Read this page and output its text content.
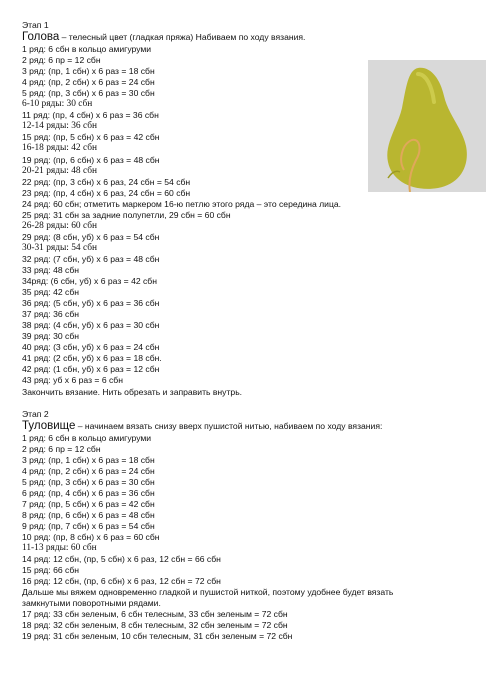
Этап 1
Голова – телесный цвет (гладкая пряжа) Набиваем по ходу вязания.
1 ряд: 6 сбн в кольцо амигуруми
2 ряд: 6 пр = 12 сбн
3 ряд: (пр, 1 сбн) х 6 раз = 18 сбн
4 ряд: (пр, 2 сбн) х 6 раз = 24 сбн
5 ряд: (пр, 3 сбн) х 6 раз = 30 сбн
6-10 ряды: 30 сбн
11 ряд: (пр, 4 сбн) х 6 раз = 36 сбн
12-14 ряды: 36 сбн
15 ряд: (пр, 5 сбн) х 6 раз = 42 сбн
16-18 ряды: 42 сбн
19 ряд: (пр, 6 сбн) х 6 раз = 48 сбн
20-21 ряды: 48 сбн
22 ряд: (пр, 3 сбн) х 6 раз, 24 сбн = 54 сбн
23 ряд: (пр, 4 сбн) х 6 раз, 24 сбн = 60 сбн
24 ряд: 60 сбн; отметить маркером 16-ю петлю этого ряда – это середина лица.
25 ряд: 31 сбн за задние полупетли, 29 сбн = 60 сбн
26-28 ряды: 60 сбн
29 ряд: (8 сбн, уб) х 6 раз = 54 сбн
30-31 ряды: 54 сбн
32 ряд: (7 сбн, уб) х 6 раз = 48 сбн
33 ряд: 48 сбн
34ряд: (6 сбн, уб) х 6 раз = 42 сбн
35 ряд: 42 сбн
36 ряд: (5 сбн, уб) х 6 раз = 36 сбн
37 ряд: 36 сбн
38 ряд: (4 сбн, уб) х 6 раз = 30 сбн
39 ряд: 30 сбн
40 ряд: (3 сбн, уб) х 6 раз = 24 сбн
41 ряд: (2 сбн, уб) х 6 раз = 18 сбн.
42 ряд: (1 сбн, уб) х 6 раз = 12 сбн
43 ряд: уб х 6 раз = 6 сбн
Закончить вязание. Нить обрезать и заправить внутрь.
Этап 2
Туловище – начинаем вязать снизу вверх пушистой нитью, набиваем по ходу вязания:
1 ряд: 6 сбн в кольцо амигуруми
2 ряд: 6 пр = 12 сбн
3 ряд: (пр, 1 сбн) х 6 раз = 18 сбн
4 ряд: (пр, 2 сбн) х 6 раз = 24 сбн
5 ряд: (пр, 3 сбн) х 6 раз = 30 сбн
6 ряд: (пр, 4 сбн) х 6 раз = 36 сбн
7 ряд: (пр, 5 сбн) х 6 раз = 42 сбн
8 ряд: (пр, 6 сбн) х 6 раз = 48 сбн
9 ряд: (пр, 7 сбн) х 6 раз = 54 сбн
10 ряд: (пр, 8 сбн) х 6 раз = 60 сбн
11-13 ряды: 60 сбн
14 ряд: 12 сбн, (пр, 5 сбн) х 6 раз, 12 сбн = 66 сбн
15 ряд: 66 сбн
16 ряд: 12 сбн, (пр, 6 сбн) х 6 раз, 12 сбн = 72 сбн
Дальше мы вяжем одновременно гладкой и пушистой ниткой, поэтому удобнее будет вязать
замкнутыми поворотными рядами.
17 ряд: 33 сбн зеленым, 6 сбн телесным, 33 сбн зеленым = 72 сбн
18 ряд: 32 сбн зеленым, 8 сбн телесным, 32 сбн зеленым = 72 сбн
19 ряд: 31 сбн зеленым, 10 сбн телесным, 31 сбн зеленым = 72 сбн
